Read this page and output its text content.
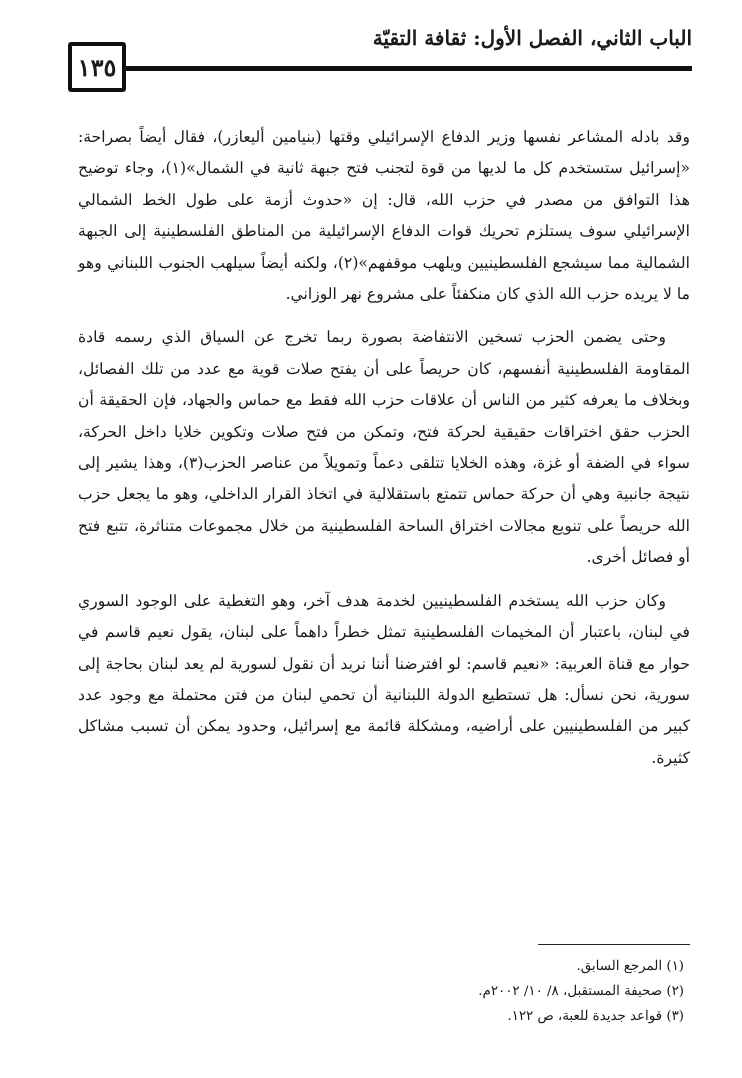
الباب الثاني، الفصل الأول: ثقافة التقيّة
١٣٥

وقد بادله المشاعر نفسها وزير الدفاع الإسرائيلي وقتها (بنيامين أليعازر)، فقال أيضاً بصراحة: «إسرائيل ستستخدم كل ما لديها من قوة لتجنب فتح جبهة ثانية في الشمال»(١)، وجاء توضيح هذا التوافق من مصدر في حزب الله، قال: إن «حدوث أزمة على طول الخط الشمالي الإسرائيلي سوف يستلزم تحريك قوات الدفاع الإسرائيلية من المناطق الفلسطينية إلى الجبهة الشمالية مما سيشجع الفلسطينيين ويلهب موقفهم»(٢)، ولكنه أيضاً سيلهب الجنوب اللبناني وهو ما لا يريده حزب الله الذي كان منكفئاً على مشروع نهر الوزاني.

وحتى يضمن الحزب تسخين الانتفاضة بصورة ربما تخرج عن السياق الذي رسمه قادة المقاومة الفلسطينية أنفسهم، كان حريصاً على أن يفتح صلات قوية مع عدد من تلك الفصائل، وبخلاف ما يعرفه كثير من الناس أن علاقات حزب الله فقط مع حماس والجهاد، فإن الحقيقة أن الحزب حقق اختراقات حقيقية لحركة فتح، وتمكن من فتح صلات وتكوين خلايا داخل الحركة، سواء في الضفة أو غزة، وهذه الخلايا تتلقى دعماً وتمويلاً من عناصر الحزب(٣)، وهذا يشير إلى نتيجة جانبية وهي أن حركة حماس تتمتع باستقلالية في اتخاذ القرار الداخلي، وهو ما يجعل حزب الله حريصاً على تنويع مجالات اختراق الساحة الفلسطينية من خلال مجموعات متناثرة، تتبع فتح أو فصائل أخرى.

وكان حزب الله يستخدم الفلسطينيين لخدمة هدف آخر، وهو التغطية على الوجود السوري في لبنان، باعتبار أن المخيمات الفلسطينية تمثل خطراً داهماً على لبنان، يقول نعيم قاسم في حوار مع قناة العربية: «نعيم قاسم: لو افترضنا أننا نريد أن نقول لسورية لم يعد لبنان بحاجة إلى سورية، نحن نسأل: هل تستطيع الدولة اللبنانية أن تحمي لبنان من فتن محتملة مع وجود عدد كبير من الفلسطينيين على أراضيه، ومشكلة قائمة مع إسرائيل، وحدود يمكن أن تسبب مشاكل كثيرة.

(١) المرجع السابق.
(٢) صحيفة المستقبل، ٨/ ١٠/ ٢٠٠٢م.
(٣) قواعد جديدة للعبة، ص ١٢٢.
